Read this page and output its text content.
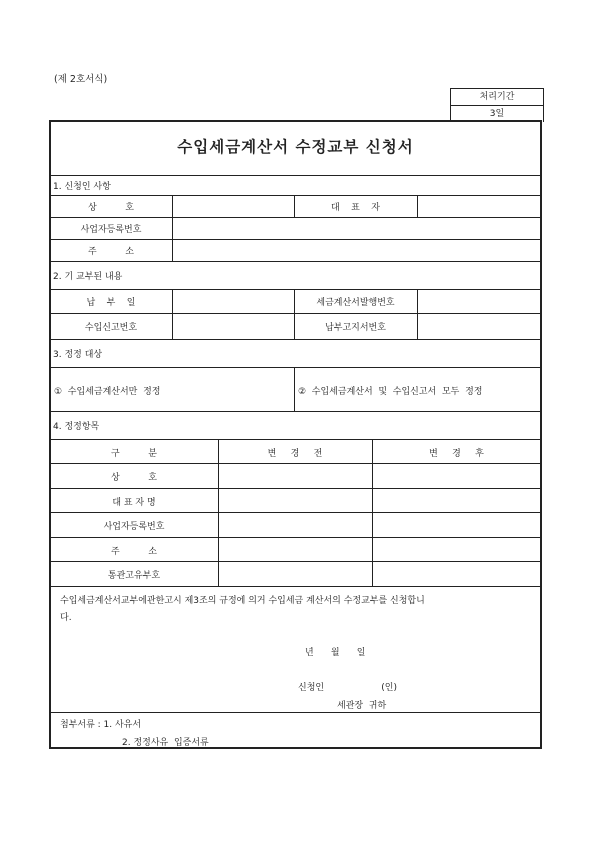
(제 2호서식)
처리기간
3일
수입세금계산서 수정교부 신청서
1. 신청인 사항
상          호	대    표    자
사업자등록번호
주          소
2. 기 교부된 내용
납    부    일	세금계산서발행번호
수입신고번호	납부고지서번호
3. 정정 대상
①  수입세금계산서만  정정	②  수입세금계산서  및  수입신고서  모두  정정
4. 정정항목
구          분	변     경     전	변     경     후
상          호
대 표 자 명
사업자등록번호
주          소
통관고유부호
수입세금계산서교부에관한고시 제3조의 규정에 의거 수입세금 계산서의 수정교부를 신청합니
다.
년      월      일
신청인                    (인)
세관장  귀하
첨부서류 : 1. 사유서
2. 정정사유  입증서류
